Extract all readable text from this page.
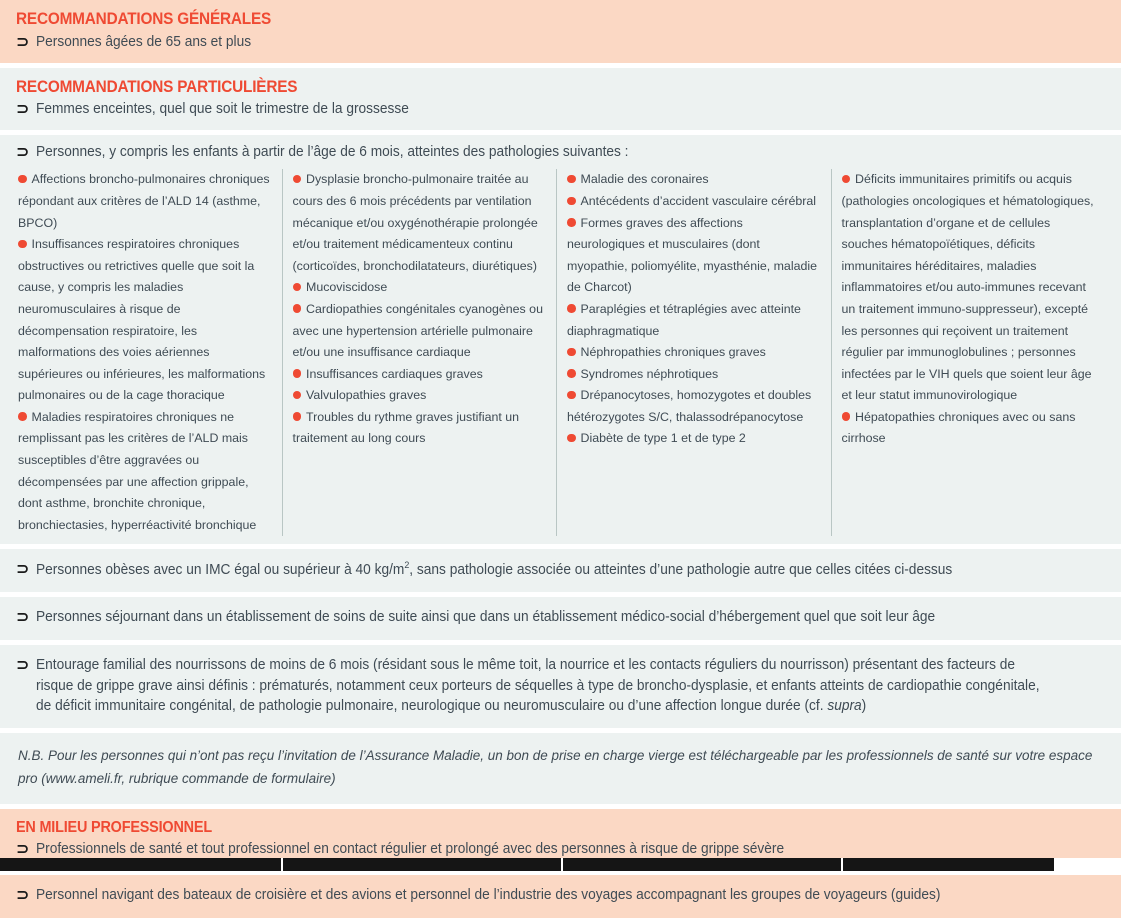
RECOMMANDATIONS GÉNÉRALES
⊃ Personnes âgées de 65 ans et plus
RECOMMANDATIONS PARTICULIÈRES
⊃ Femmes enceintes, quel que soit le trimestre de la grossesse
⊃ Personnes, y compris les enfants à partir de l’âge de 6 mois, atteintes des pathologies suivantes :

Affections broncho-pulmonaires chroniques répondant aux critères de l’ALD 14 (asthme, BPCO)

Insuffisances respiratoires chroniques obstructives ou retrictives quelle que soit la cause, y compris les maladies neuromusculaires à risque de décompensation respiratoire, les malformations des voies aériennes supérieures ou inférieures, les malformations pulmonaires ou de la cage thoracique

Maladies respiratoires chroniques ne remplissant pas les critères de l’ALD mais susceptibles d’être aggravées ou décompensées par une affection grippale, dont asthme, bronchite chronique, bronchiectasies, hyperréactivité bronchique

Dysplasie broncho-pulmonaire traitée au cours des 6 mois précédents par ventilation mécanique et/ou oxygénothérapie prolongée et/ou traitement médicamenteux continu (corticoïdes, bronchodilatateurs, diurétiques)

Mucoviscidose

Cardiopathies congénitales cyanogènes ou avec une hypertension artérielle pulmonaire et/ou une insuffisance cardiaque

Insuffisances cardiaques graves

Valvulopathies graves

Troubles du rythme graves justifiant un traitement au long cours

Maladie des coronaires

Antécédents d’accident vasculaire cérébral

Formes graves des affections neurologiques et musculaires (dont myopathie, poliomyélite, myasthénie, maladie de Charcot)

Paraplégies et tétraplégies avec atteinte diaphragmatique

Néphropathies chroniques graves

Syndromes néphrotiques

Drépanocytoses, homozygotes et doubles hétérozygotes S/C, thalassodrépanocytose

Diabète de type 1 et de type 2

Déficits immunitaires primitifs ou acquis (pathologies oncologiques et hématologiques, transplantation d’organe et de cellules souches hématopoïétiques, déficits immunitaires héréditaires, maladies inflammatoires et/ou auto-immunes recevant un traitement immuno-suppresseur), excepté les personnes qui reçoivent un traitement régulier par immunoglobulines ; personnes infectées par le VIH quels que soient leur âge et leur statut immunovirologique

Hépatopathies chroniques avec ou sans cirrhose

⊃ Personnes obèses avec un IMC égal ou supérieur à 40 $kg/m^2$, sans pathologie associée ou atteintes d’une pathologie autre que celles citées ci-dessus
⊃ Personnes séjournant dans un établissement de soins de suite ainsi que dans un établissement médico-social d’hébergement quel que soit leur âge
⊃ Entourage familial des nourrissons de moins de 6 mois (résidant sous le même toit, la nourrice et les contacts réguliers du nourrisson) présentant des facteurs de risque de grippe grave ainsi définis : prématurés, notamment ceux porteurs de séquelles à type de broncho-dysplasie, et enfants atteints de cardiopathie congénitale, de déficit immunitaire congénital, de pathologie pulmonaire, neurologique ou neuromusculaire ou d’une affection longue durée (cf. supra)
N.B. Pour les personnes qui n’ont pas reçu l’invitation de l’Assurance Maladie, un bon de prise en charge vierge est téléchargeable par les professionnels de santé sur votre espace pro (www.ameli.fr, rubrique commande de formulaire)
EN MILIEU PROFESSIONNEL
⊃ Professionnels de santé et tout professionnel en contact régulier et prolongé avec des personnes à risque de grippe sévère
⊃ Personnel navigant des bateaux de croisière et des avions et personnel de l’industrie des voyages accompagnant les groupes de voyageurs (guides)
